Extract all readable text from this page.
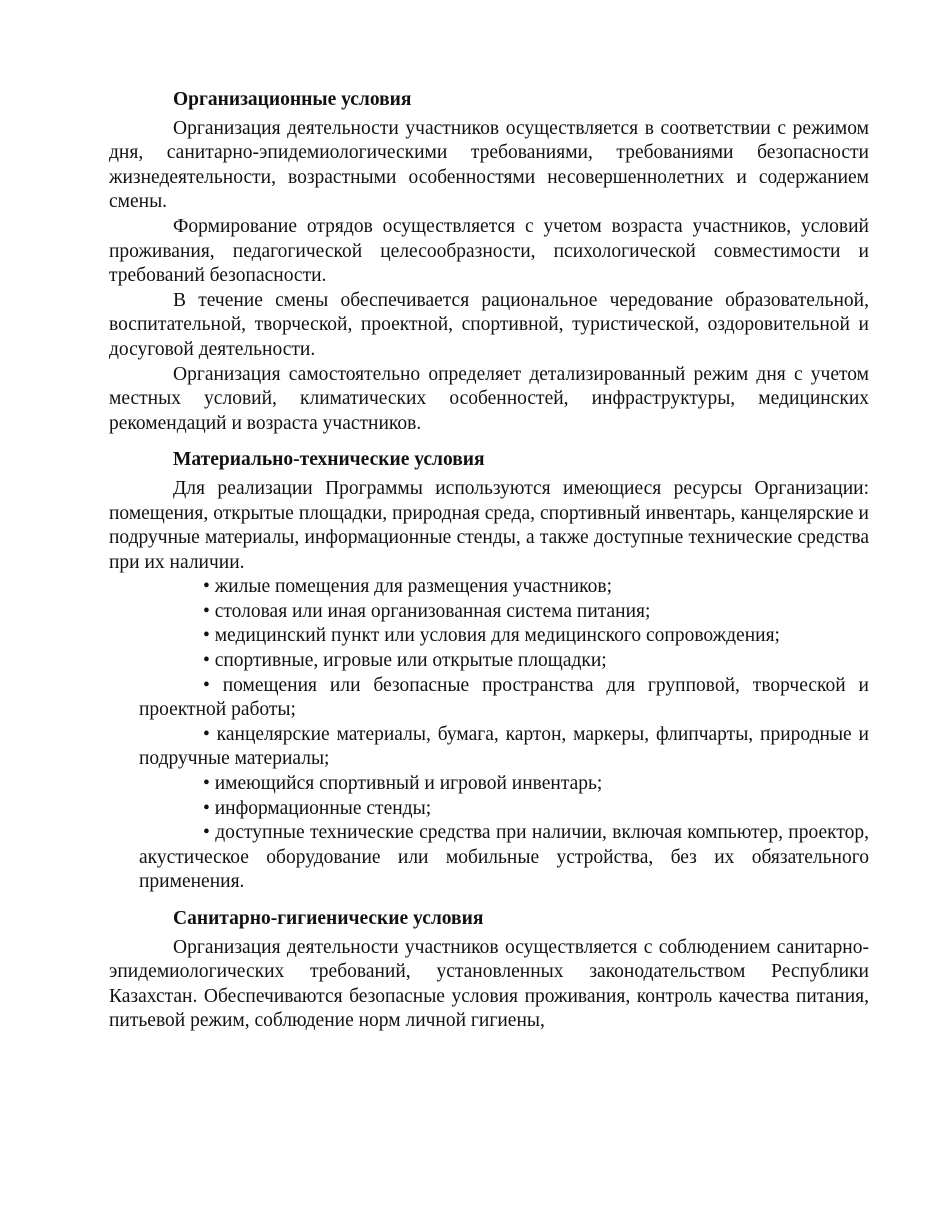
Организационные условия

Организация деятельности участников осуществляется в соответствии с режимом дня, санитарно-эпидемиологическими требованиями, требованиями безопасности жизнедеятельности, возрастными особенностями несовершеннолетних и содержанием смены.

Формирование отрядов осуществляется с учетом возраста участников, условий проживания, педагогической целесообразности, психологической совместимости и требований безопасности.

В течение смены обеспечивается рациональное чередование образовательной, воспитательной, творческой, проектной, спортивной, туристической, оздоровительной и досуговой деятельности.

Организация самостоятельно определяет детализированный режим дня с учетом местных условий, климатических особенностей, инфраструктуры, медицинских рекомендаций и возраста участников.

Материально-технические условия

Для реализации Программы используются имеющиеся ресурсы Организации: помещения, открытые площадки, природная среда, спортивный инвентарь, канцелярские и подручные материалы, информационные стенды, а также доступные технические средства при их наличии.

• жилые помещения для размещения участников;
• столовая или иная организованная система питания;
• медицинский пункт или условия для медицинского сопровождения;
• спортивные, игровые или открытые площадки;
• помещения или безопасные пространства для групповой, творческой и проектной работы;
• канцелярские материалы, бумага, картон, маркеры, флипчарты, природные и подручные материалы;
• имеющийся спортивный и игровой инвентарь;
• информационные стенды;
• доступные технические средства при наличии, включая компьютер, проектор, акустическое оборудование или мобильные устройства, без их обязательного применения.
Санитарно-гигиенические условия

Организация деятельности участников осуществляется с соблюдением санитарно-эпидемиологических требований, установленных законодательством Республики Казахстан. Обеспечиваются безопасные условия проживания, контроль качества питания, питьевой режим, соблюдение норм личной гигиены,
